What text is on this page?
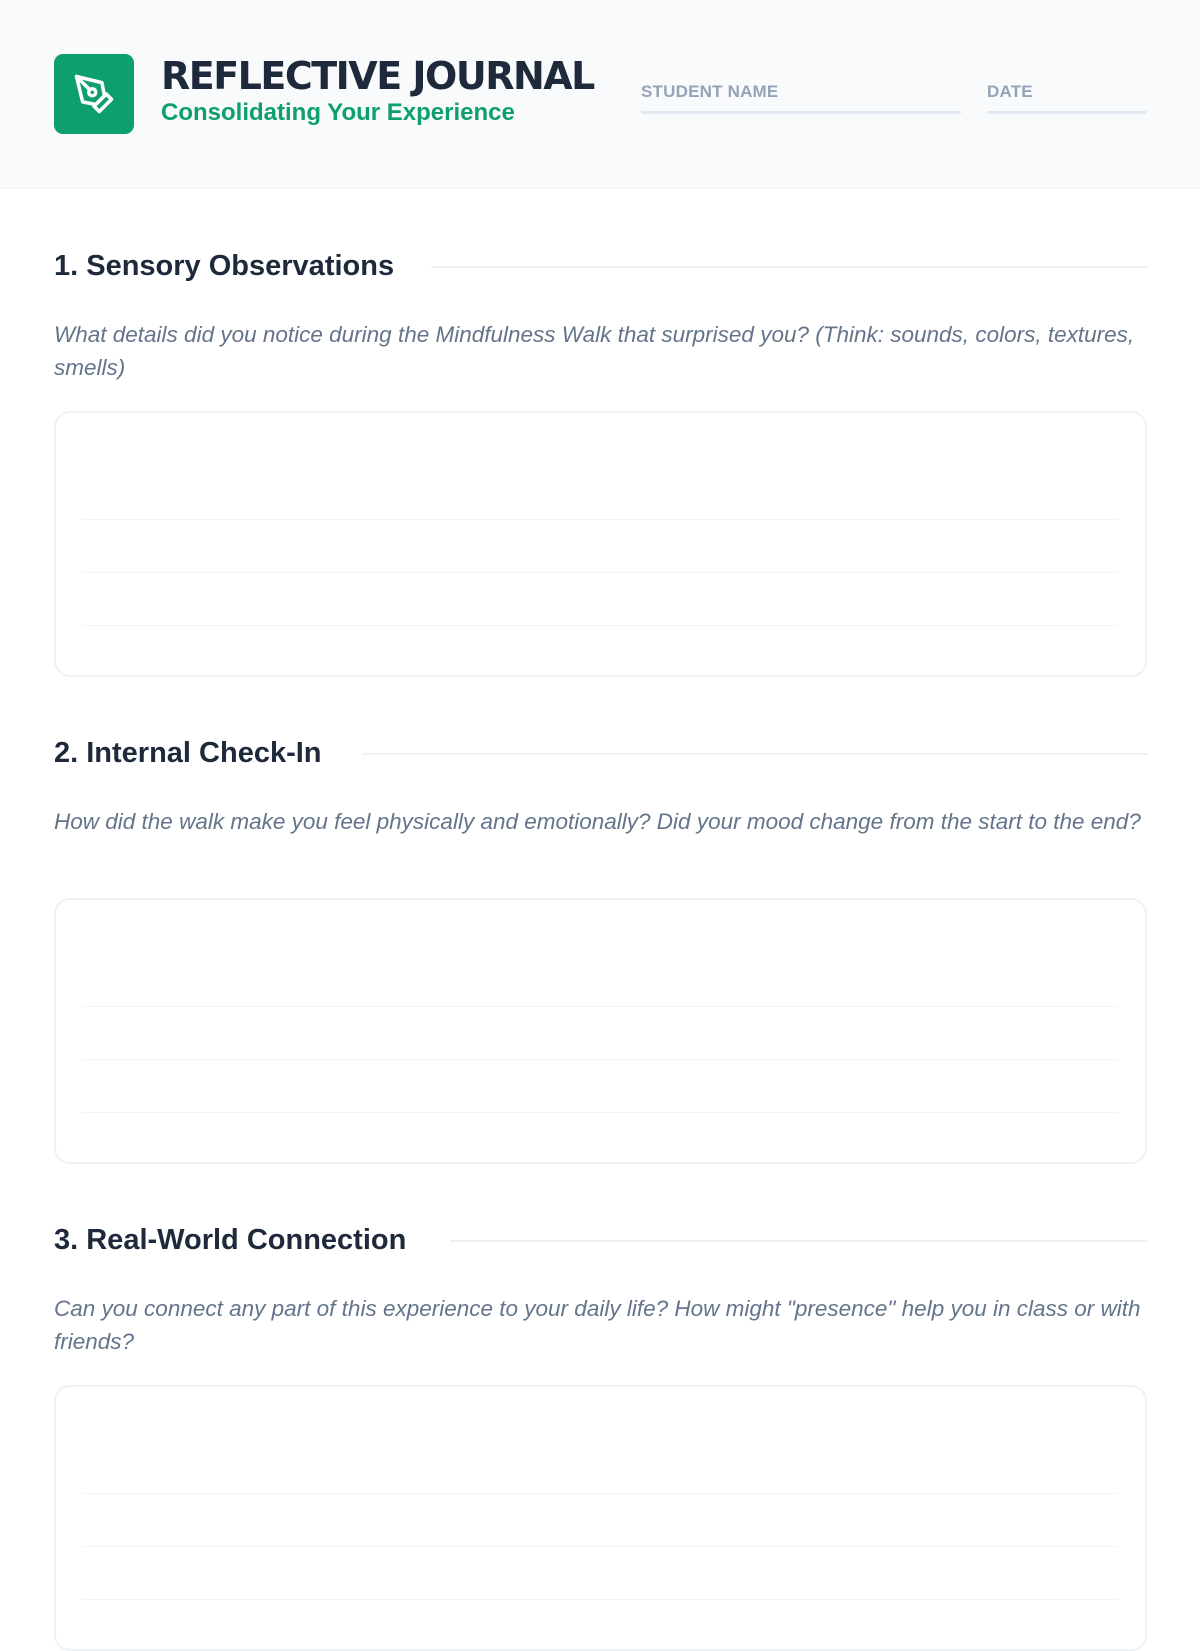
REFLECTIVE JOURNAL
Consolidating Your Experience
STUDENT NAME	DATE
1. Sensory Observations
What details did you notice during the Mindfulness Walk that surprised you? (Think: sounds, colors, textures, smells)
2. Internal Check-In
How did the walk make you feel physically and emotionally? Did your mood change from the start to the end?
3. Real-World Connection
Can you connect any part of this experience to your daily life? How might "presence" help you in class or with friends?
